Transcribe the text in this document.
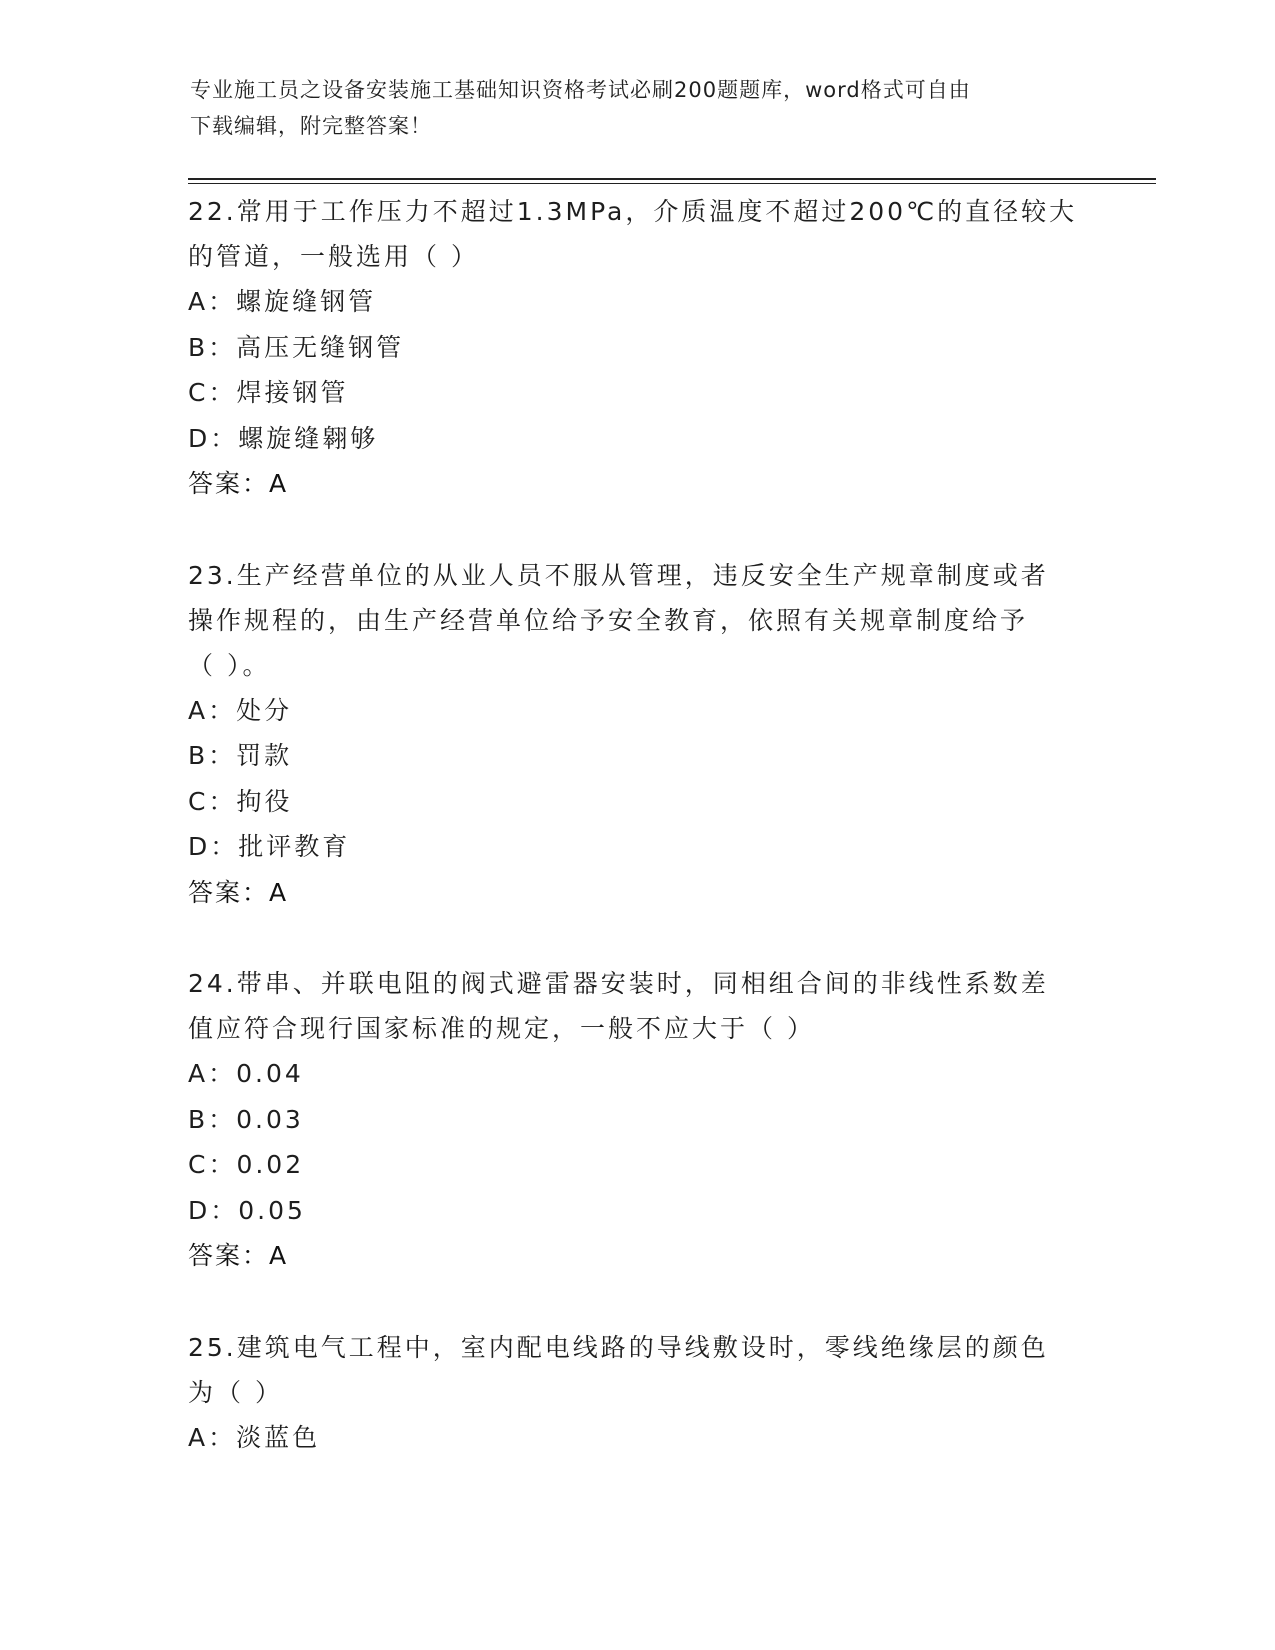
专业施工员之设备安装施工基础知识资格考试必刷200题题库，word格式可自由
下载编辑，附完整答案！

22.常用于工作压力不超过1.3MPa，介质温度不超过200℃的直径较大

的管道，一般选用（ ）

A：螺旋缝钢管

B：高压无缝钢管

C：焊接钢管

D：螺旋缝翱够

答案：A

23.生产经营单位的从业人员不服从管理，违反安全生产规章制度或者

操作规程的，由生产经营单位给予安全教育，依照有关规章制度给予

（ ）。

A：处分

B：罚款

C：拘役

D：批评教育

答案：A

24.带串、并联电阻的阀式避雷器安装时，同相组合间的非线性系数差

值应符合现行国家标准的规定，一般不应大于（ ）

A：0.04

B：0.03

C：0.02

D：0.05

答案：A

25.建筑电气工程中，室内配电线路的导线敷设时，零线绝缘层的颜色

为（ ）

A：淡蓝色
